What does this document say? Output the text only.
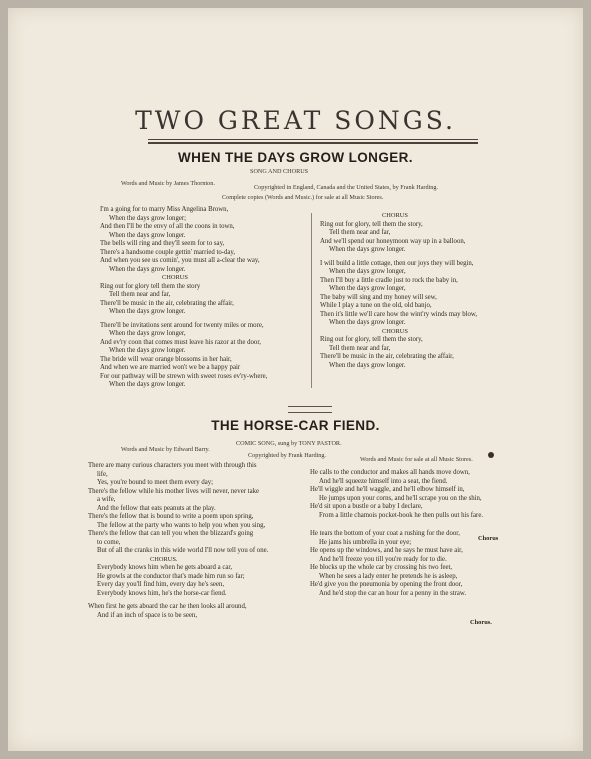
TWO GREAT SONGS.
WHEN THE DAYS GROW LONGER.
SONG AND CHORUS
Words and Music by James Thornton.
Copyrighted in England, Canada and the United States, by Frank Harding.
Complete copies (Words and Music.) for sale at all Music Stores.
I'm a going for to marry Miss Angelina Brown,
When the days grow longer;
And then I'll be the envy of all the coons in town,
When the days grow longer.
The bells will ring and they'll seem for to say,
There's a handsome couple gettin' married to-day,
And when you see us comin', you must all a-clear the way,
When the days grow longer.
CHORUS
Ring out for glory tell them the story
Tell them near and far,
There'll be music in the air, celebrating the affair,
When the days grow longer.
There'll be invitations sent around for twenty miles or more,
When the days grow longer,
And ev'ry coon that comes must leave his razor at the door,
When the days grow longer.
The bride will wear orange blossoms in her hair,
And when we are married won't we be a happy pair
For our pathway will be strewn with sweet roses ev'ry-where,
When the days grow longer.
CHORUS
Ring out for glory, tell them the story,
Tell them near and far,
And we'll spend our honeymoon way up in a balloon,
When the days grow longer.
I will build a little cottage, then our joys they will begin,
When the days grow longer,
Then I'll buy a little cradle just to rock the baby in,
When the days grow longer,
The baby will sing and my honey will sew,
While I play a tune on the old, old banjo,
Then it's little we'll care how the wint'ry winds may blow,
When the days grow longer.
CHORUS
Ring out for glory, tell them the story,
Tell them near and far,
There'll be music in the air, celebrating the affair,
When the days grow longer.
THE HORSE-CAR FIEND.
COMIC SONG, sung by TONY PASTOR.
Words and Music by Edward Barry.
Copyrighted by Frank Harding.
Words and Music for sale at all Music Stores.
There are many curious characters you meet with through this
life,
Yes, you're bound to meet them every day;
There's the fellow while his mother lives will never, never take
a wife,
And the fellow that eats peanuts at the play.
There's the fellow that is bound to write a poem upon spring,
The fellow at the party who wants to help you when you sing,
There's the fellow that can tell you when the blizzard's going
to come,
But of all the cranks in this wide world I'll now tell you of one.
CHORUS.
Everybody knows him when he gets aboard a car,
He growls at the conductor that's made him run so far;
Every day you'll find him, every day he's seen,
Everybody knows him, he's the horse-car fiend.
When first he gets aboard the car he then looks all around,
And if an inch of space is to be seen,
He calls to the conductor and makes all hands move down,
And he'll squeeze himself into a seat, the fiend.
He'll wiggle and he'll waggle, and he'll elbow himself in,
He jumps upon your corns, and he'll scrape you on the shin,
He'd sit upon a bustle or a baby I declare,
From a little chamois pocket-book he then pulls out his fare.
He tears the bottom of your coat a rushing for the door,
He jams his umbrella in your eye;
He opens up the windows, and he says he must have air,
And he'll freeze you till you're ready for to die.
He blocks up the whole car by crossing his two feet,
When he sees a lady enter he pretends he is asleep,
He'd give you the pneumonia by opening the front door,
And he'd stop the car an hour for a penny in the straw.
Chorus
Chorus.
